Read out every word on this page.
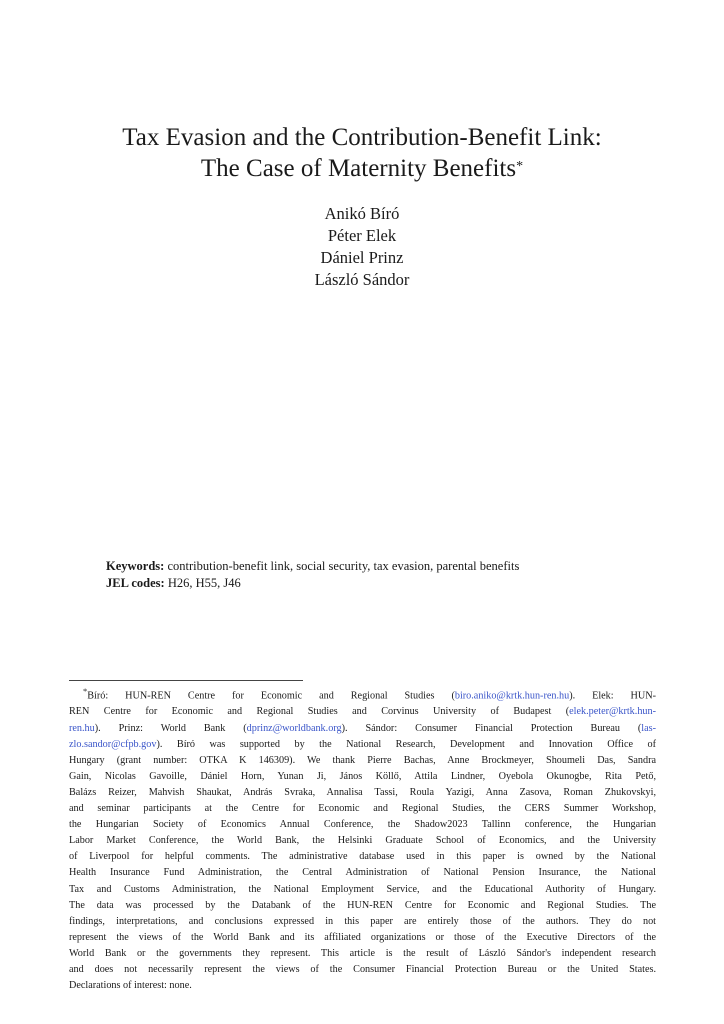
Tax Evasion and the Contribution-Benefit Link:
The Case of Maternity Benefits*
Anikó Bíró
Péter Elek
Dániel Prinz
László Sándor
Keywords: contribution-benefit link, social security, tax evasion, parental benefits
JEL codes: H26, H55, J46
*Bíró: HUN-REN Centre for Economic and Regional Studies (biro.aniko@krtk.hun-ren.hu). Elek: HUN-
REN Centre for Economic and Regional Studies and Corvinus University of Budapest (elek.peter@krtk.hun-
ren.hu). Prinz: World Bank (dprinz@worldbank.org). Sándor: Consumer Financial Protection Bureau (las-
zlo.sandor@cfpb.gov). Bíró was supported by the National Research, Development and Innovation Office of
Hungary (grant number: OTKA K 146309). We thank Pierre Bachas, Anne Brockmeyer, Shoumeli Das, Sandra
Gain, Nicolas Gavoille, Dániel Horn, Yunan Ji, János Köllő, Attila Lindner, Oyebola Okunogbe, Rita Pető,
Balázs Reizer, Mahvish Shaukat, András Svraka, Annalisa Tassi, Roula Yazigi, Anna Zasova, Roman Zhukovskyi,
and seminar participants at the Centre for Economic and Regional Studies, the CERS Summer Workshop,
the Hungarian Society of Economics Annual Conference, the Shadow2023 Tallinn conference, the Hungarian
Labor Market Conference, the World Bank, the Helsinki Graduate School of Economics, and the University
of Liverpool for helpful comments. The administrative database used in this paper is owned by the National
Health Insurance Fund Administration, the Central Administration of National Pension Insurance, the National
Tax and Customs Administration, the National Employment Service, and the Educational Authority of Hungary.
The data was processed by the Databank of the HUN-REN Centre for Economic and Regional Studies. The
findings, interpretations, and conclusions expressed in this paper are entirely those of the authors. They do not
represent the views of the World Bank and its affiliated organizations or those of the Executive Directors of the
World Bank or the governments they represent. This article is the result of László Sándor's independent research
and does not necessarily represent the views of the Consumer Financial Protection Bureau or the United States.
Declarations of interest: none.
